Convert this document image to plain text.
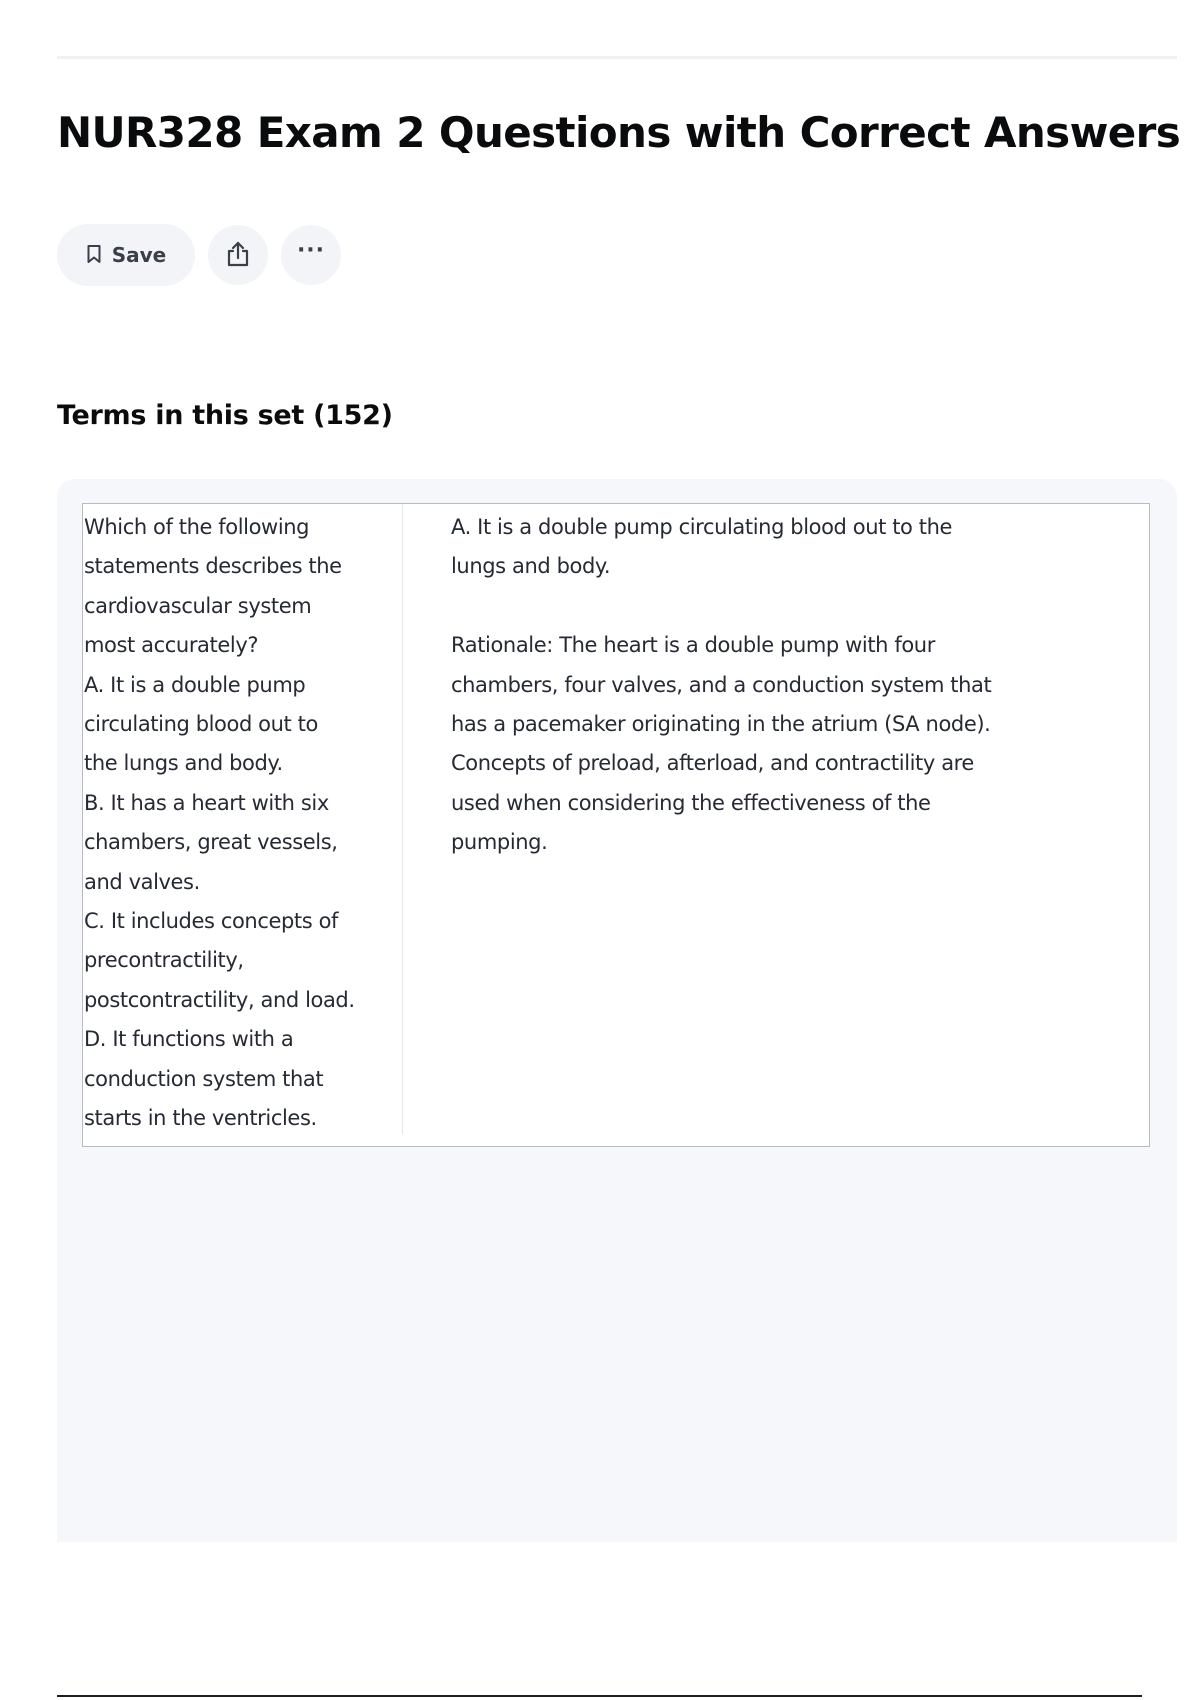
NUR328 Exam 2 Questions with Correct Answers
Save	···
Terms in this set (152)
Which of the following
statements describes the
cardiovascular system
most accurately?
A. It is a double pump
circulating blood out to
the lungs and body.
B. It has a heart with six
chambers, great vessels,
and valves.
C. It includes concepts of
precontractility,
postcontractility, and load.
D. It functions with a
conduction system that
starts in the ventricles.
A. It is a double pump circulating blood out to the
lungs and body.
Rationale: The heart is a double pump with four
chambers, four valves, and a conduction system that
has a pacemaker originating in the atrium (SA node).
Concepts of preload, afterload, and contractility are
used when considering the effectiveness of the
pumping.
